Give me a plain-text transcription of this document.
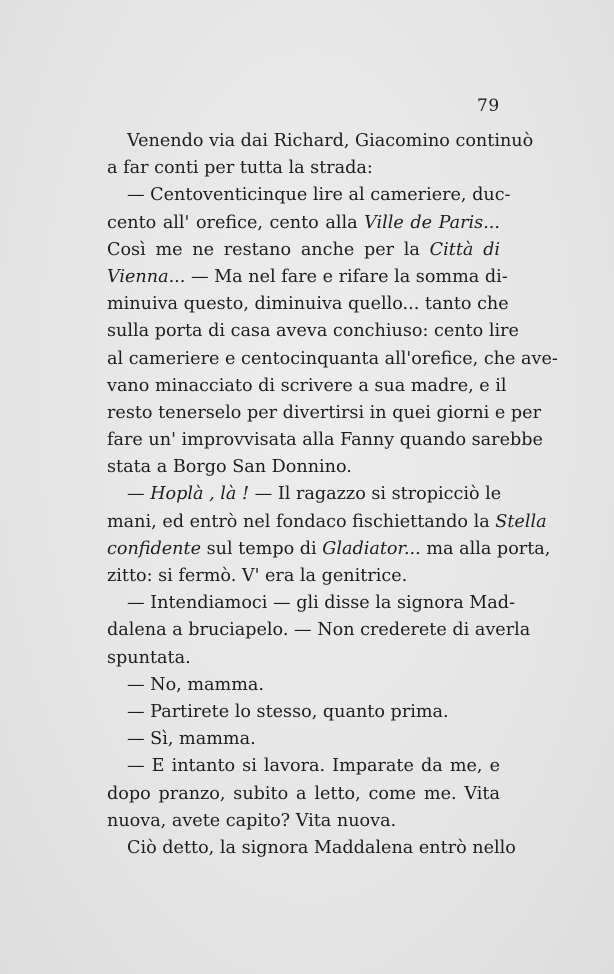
79
Venendo via dai Richard, Giacomino continuò
a far conti per tutta la strada:
— Centoventicinque lire al cameriere, duc-
cento all' orefice, cento alla Ville de Paris...
Così me ne restano anche per la Città di
Vienna... — Ma nel fare e rifare la somma di-
minuiva questo, diminuiva quello... tanto che
sulla porta di casa aveva conchiuso: cento lire
al cameriere e centocinquanta all'orefice, che ave-
vano minacciato di scrivere a sua madre, e il
resto tenerselo per divertirsi in quei giorni e per
fare un' improvvisata alla Fanny quando sarebbe
stata a Borgo San Donnino.
— Hoplà , là ! — Il ragazzo si stropicciò le
mani, ed entrò nel fondaco fischiettando la Stella
confidente sul tempo di Gladiator... ma alla porta,
zitto: si fermò. V' era la genitrice.
— Intendiamoci — gli disse la signora Mad-
dalena a bruciapelo. — Non crederete di averla
spuntata.
— No, mamma.
— Partirete lo stesso, quanto prima.
— Sì, mamma.
— E intanto si lavora. Imparate da me, e
dopo pranzo, subito a letto, come me. Vita
nuova, avete capito? Vita nuova.
Ciò detto, la signora Maddalena entrò nello
